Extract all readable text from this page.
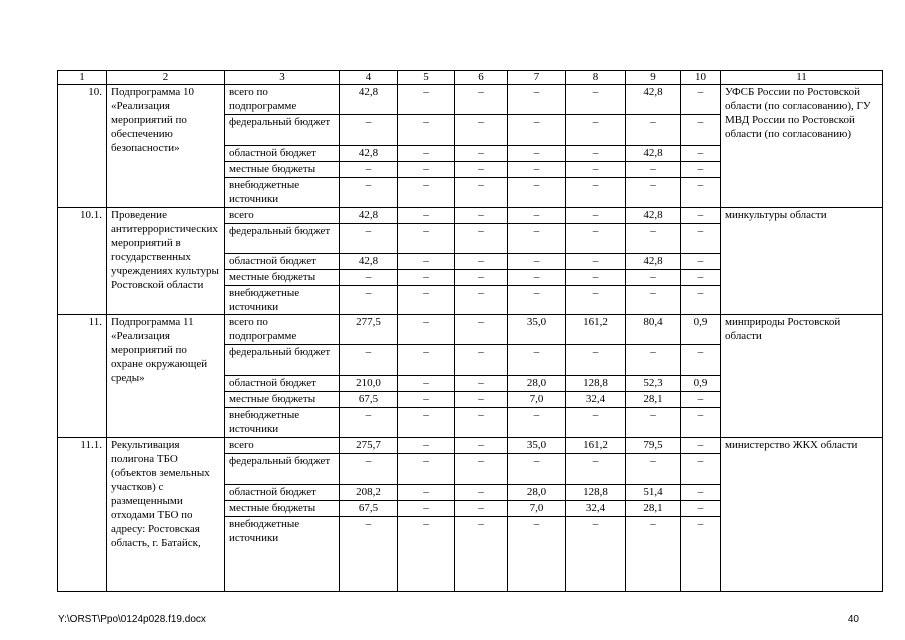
1	2	3	4	5	6	7	8	9	10	11
10.	Подпрограмма 10 «Реализация мероприятий по обеспечению безопасности»	всего по подпрограмме	42,8	–	–	–	–	42,8	–	УФСБ России по Ростовской области (по согласованию), ГУ МВД России по Ростовской области (по согласованию)
		федеральный бюджет	–	–	–	–	–	–	–	
		областной бюджет	42,8	–	–	–	–	42,8	–	
		местные бюджеты	–	–	–	–	–	–	–	
		внебюджетные источники	–	–	–	–	–	–	–	
10.1.	Проведение антитеррористических мероприятий в государственных учреждениях культуры Ростовской области	всего	42,8	–	–	–	–	42,8	–	минкультуры области
		федеральный бюджет	–	–	–	–	–	–	–	
		областной бюджет	42,8	–	–	–	–	42,8	–	
		местные бюджеты	–	–	–	–	–	–	–	
		внебюджетные источники	–	–	–	–	–	–	–	
11.	Подпрограмма 11 «Реализация мероприятий по охране окружающей среды»	всего по подпрограмме	277,5	–	–	35,0	161,2	80,4	0,9	минприроды Ростовской области
		федеральный бюджет	–	–	–	–	–	–	–	
		областной бюджет	210,0	–	–	28,0	128,8	52,3	0,9	
		местные бюджеты	67,5	–	–	7,0	32,4	28,1	–	
		внебюджетные источники	–	–	–	–	–	–	–	
11.1.	Рекультивация полигона ТБО (объектов земельных участков) с размещенными отходами ТБО по адресу: Ростовская область, г. Батайск,	всего	275,7	–	–	35,0	161,2	79,5	–	министерство ЖКХ области
		федеральный бюджет	–	–	–	–	–	–	–	
		областной бюджет	208,2	–	–	28,0	128,8	51,4	–	
		местные бюджеты	67,5	–	–	7,0	32,4	28,1	–	
		внебюджетные источники	–	–	–	–	–	–	–	
Y:\ORST\Ppo\0124p028.f19.docx	40
